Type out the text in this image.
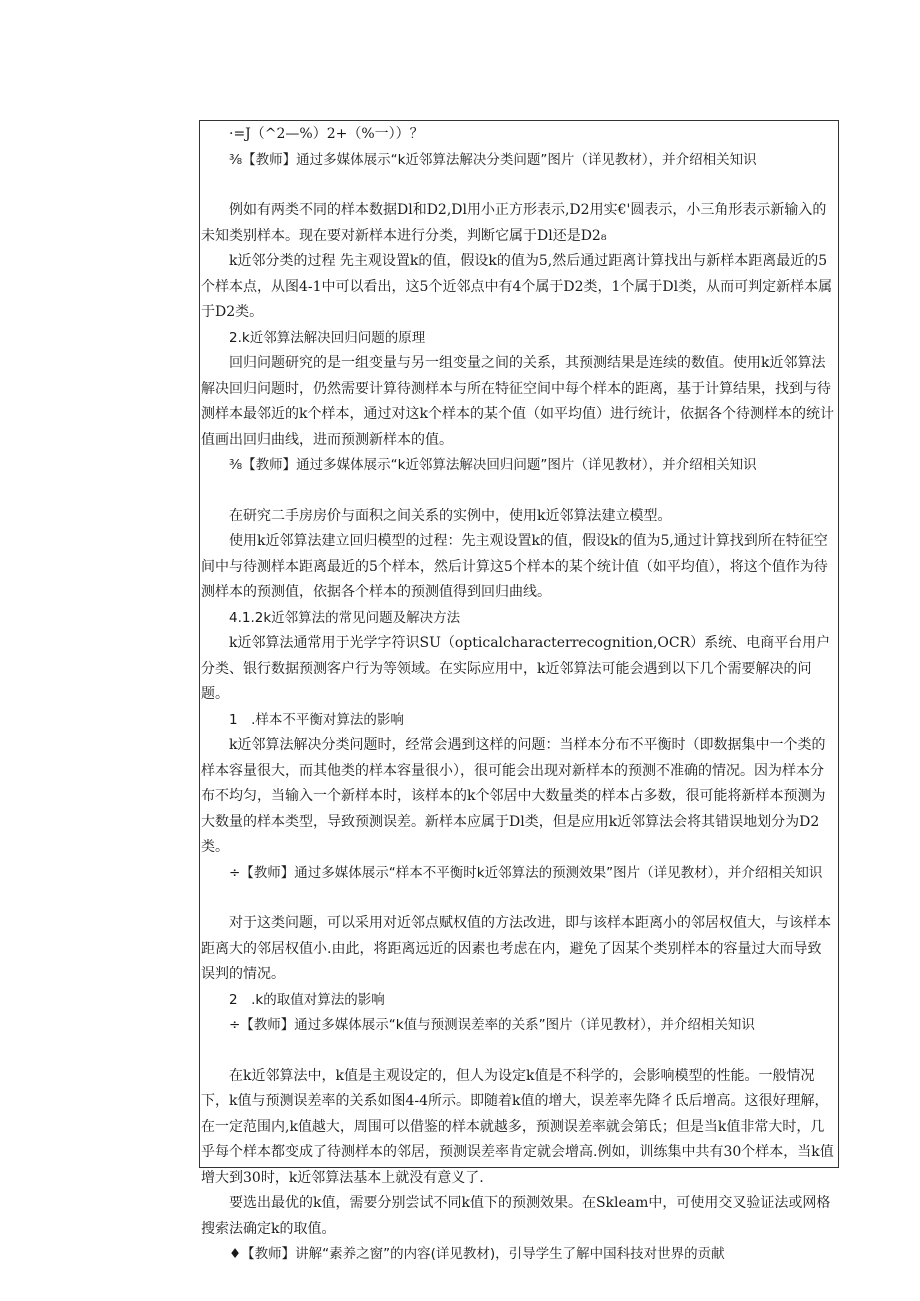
·=J（^2—%）2+（%一））？

⅜【教师】通过多媒体展示“k近邻算法解决分类问题”图片（详见教材），并介绍相关知识

例如有两类不同的样本数据Dl和D2,Dl用小正方形表示,D2用实€'圆表示，小三角形表示新输入的未知类别样本。现在要对新样本进行分类，判断它属于Dl还是D2₈

k近邻分类的过程 先主观设置k的值，假设k的值为5,然后通过距离计算找出与新样本距离最近的5个样本点，从图4-1中可以看出，这5个近邻点中有4个属于D2类，1个属于Dl类，从而可判定新样本属于D2类。

2.k近邻算法解决回归问题的原理

回归问题研究的是一组变量与另一组变量之间的关系，其预测结果是连续的数值。使用k近邻算法解决回归问题时，仍然需要计算待测样本与所在特征空间中每个样本的距离，基于计算结果，找到与待测样本最邻近的k个样本，通过对这k个样本的某个值（如平均值）进行统计，依据各个待测样本的统计值画出回归曲线，进而预测新样本的值。

⅜【教师】通过多媒体展示“k近邻算法解决回归问题”图片（详见教材），并介绍相关知识

在研究二手房房价与面积之间关系的实例中，使用k近邻算法建立模型。

使用k近邻算法建立回归模型的过程：先主观设置k的值，假设k的值为5,通过计算找到所在特征空间中与待测样本距离最近的5个样本，然后计算这5个样本的某个统计值（如平均值），将这个值作为待测样本的预测值，依据各个样本的预测值得到回归曲线。

4.1.2k近邻算法的常见问题及解决方法

k近邻算法通常用于光学字符识SU（opticalcharacterrecognition,OCR）系统、电商平台用户分类、银行数据预测客户行为等领域。在实际应用中，k近邻算法可能会遇到以下几个需要解决的问题。

1　.样本不平衡对算法的影响

k近邻算法解决分类问题时，经常会遇到这样的问题：当样本分布不平衡时（即数据集中一个类的样本容量很大，而其他类的样本容量很小），很可能会出现对新样本的预测不准确的情况。因为样本分布不均匀，当输入一个新样本时，该样本的k个邻居中大数量类的样本占多数，很可能将新样本预测为大数量的样本类型，导致预测误差。新样本应属于Dl类，但是应用k近邻算法会将其错误地划分为D2类。

÷【教师】通过多媒体展示“样本不平衡时k近邻算法的预测效果”图片（详见教材），并介绍相关知识

对于这类问题，可以采用对近邻点赋权值的方法改进，即与该样本距离小的邻居权值大，与该样本距离大的邻居权值小.由此，将距离远近的因素也考虑在内，避免了因某个类别样本的容量过大而导致误判的情况。

2　.k的取值对算法的影响

÷【教师】通过多媒体展示“k值与预测误差率的关系”图片（详见教材），并介绍相关知识

在k近邻算法中，k值是主观设定的，但人为设定k值是不科学的，会影响模型的性能。一般情况下，k值与预测误差率的关系如图4-4所示。即随着k值的增大，误差率先降彳氐后增高。这很好理解，在一定范围内,k值越大，周围可以借鉴的样本就越多，预测误差率就会第氐；但是当k值非常大时，几乎每个样本都变成了待测样本的邻居，预测误差率肯定就会增高.例如，训练集中共有30个样本，当k值增大到30时，k近邻算法基本上就没有意义了.

要选出最优的k值，需要分别尝试不同k值下的预测效果。在Skleam中，可使用交叉验证法或网格搜索法确定k的取值。

♦【教师】讲解“素养之窗”的内容(详见教材)，引导学生了解中国科技对世界的贡献
